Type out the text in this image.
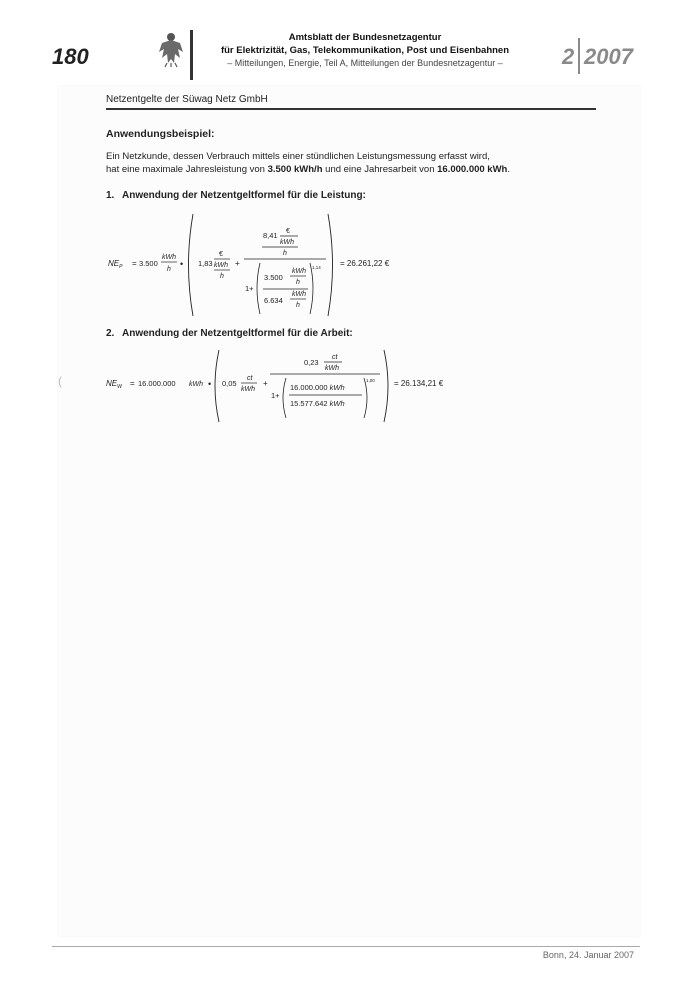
180
Amtsblatt der Bundesnetzagentur
für Elektrizität, Gas, Telekommunikation, Post und Eisenbahnen
– Mitteilungen, Energie, Teil A, Mitteilungen der Bundesnetzagentur –	2 2007
Netzentgelte der Süwag Netz GmbH
Anwendungsbeispiel:
Ein Netzkunde, dessen Verbrauch mittels einer stündlichen Leistungsmessung erfasst wird,
hat eine maximale Jahresleistung von 3.500 kWh/h und eine Jahresarbeit von 16.000.000 kWh.
1. Anwendung der Netzentgeltformel für die Leistung:
$NE_P = 3.500$
kWh
h
• 1,83
€
kWh
h
+
8,41 €
kWh
h
1+
3.500
kWh
h
6.634
kWh
h
1,14 = 26.261,22 €
2. Anwendung der Netzentgeltformel für die Arbeit:
$NE_W = 16.000.000$ kWh • 0,05
ct
kWh
+
0,23
ct
kWh
1+
16.000.000 kWh
15.577.642 kWh
1,00 = 26.134,21 €
(
Bonn, 24. Januar 2007
